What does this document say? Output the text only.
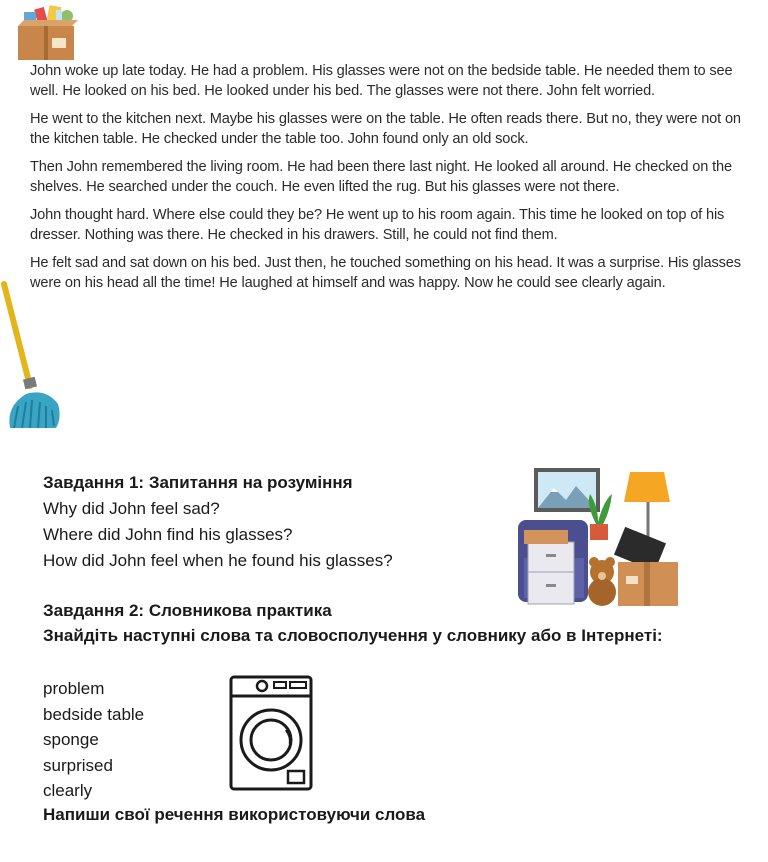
John woke up late today. He had a problem. His glasses were not on the bedside table. He needed them to see well. He looked on his bed. He looked under his bed. The glasses were not there. John felt worried.

He went to the kitchen next. Maybe his glasses were on the table. He often reads there. But no, they were not on the kitchen table. He checked under the table too. John found only an old sock.

Then John remembered the living room. He had been there last night. He looked all around. He checked on the shelves. He searched under the couch. He even lifted the rug. But his glasses were not there.

John thought hard. Where else could they be? He went up to his room again. This time he looked on top of his dresser. Nothing was there. He checked in his drawers. Still, he could not find them.

He felt sad and sat down on his bed. Just then, he touched something on his head. It was a surprise. His glasses were on his head all the time! He laughed at himself and was happy. Now he could see clearly again.

Завдання 1: Запитання на розуміння
Why did John feel sad?
Where did John find his glasses?
How did John feel when he found his glasses?
Завдання 2: Словникова практика
Знайдіть наступні слова та словосполучення у словнику або в Інтернеті:
problem
bedside table
sponge
surprised
clearly
Напиши свої речення використовуючи слова
